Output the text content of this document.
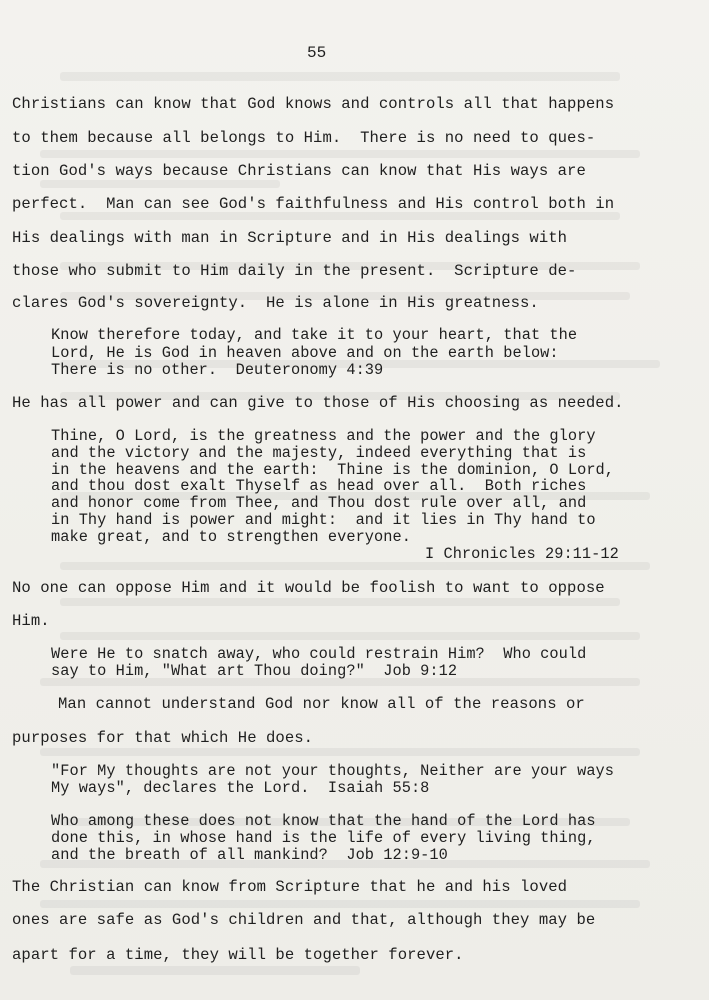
55
Christians can know that God knows and controls all that happens
to them because all belongs to Him.  There is no need to ques-
tion God's ways because Christians can know that His ways are
perfect.  Man can see God's faithfulness and His control both in
His dealings with man in Scripture and in His dealings with
those who submit to Him daily in the present.  Scripture de-
clares God's sovereignty.  He is alone in His greatness.
Know therefore today, and take it to your heart, that the
Lord, He is God in heaven above and on the earth below:
There is no other.  Deuteronomy 4:39
He has all power and can give to those of His choosing as needed.
Thine, O Lord, is the greatness and the power and the glory
and the victory and the majesty, indeed everything that is
in the heavens and the earth:  Thine is the dominion, O Lord,
and thou dost exalt Thyself as head over all.  Both riches
and honor come from Thee, and Thou dost rule over all, and
in Thy hand is power and might:  and it lies in Thy hand to
make great, and to strengthen everyone.
I Chronicles 29:11-12
No one can oppose Him and it would be foolish to want to oppose
Him.
Were He to snatch away, who could restrain Him?  Who could
say to Him, "What art Thou doing?"  Job 9:12
Man cannot understand God nor know all of the reasons or
purposes for that which He does.
"For My thoughts are not your thoughts, Neither are your ways
My ways", declares the Lord.  Isaiah 55:8
Who among these does not know that the hand of the Lord has
done this, in whose hand is the life of every living thing,
and the breath of all mankind?  Job 12:9-10
The Christian can know from Scripture that he and his loved
ones are safe as God's children and that, although they may be
apart for a time, they will be together forever.
